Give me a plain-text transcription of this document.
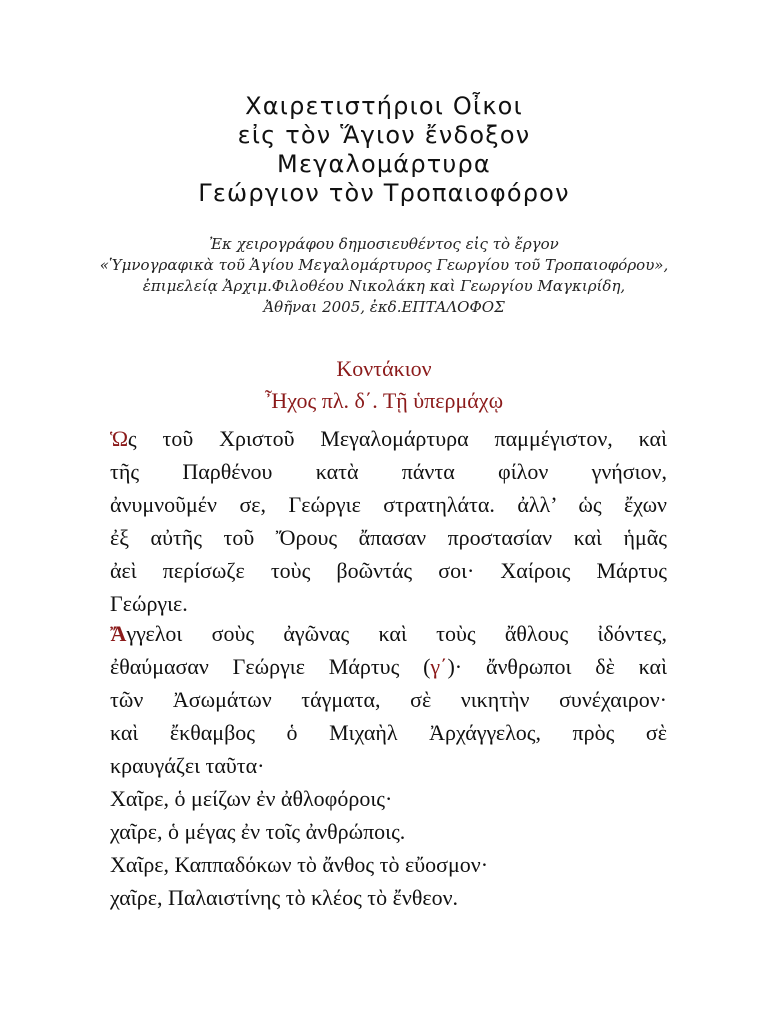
Χαιρετιστήριοι Οἶκοι
εἰς τὸν Ἅγιον ἔνδοξον
Μεγαλομάρτυρα
Γεώργιον τὸν Τροπαιοφόρον
Ἐκ χειρογράφου δημοσιευθέντος εἰς τὸ ἔργον
«Ὑμνογραφικὰ τοῦ Ἁγίου Μεγαλομάρτυρος Γεωργίου τοῦ Τροπαιοφόρου»,
ἐπιμελείᾳ Ἀρχιμ.Φιλοθέου Νικολάκη καὶ Γεωργίου Μαγκιρίδη,
Ἀθῆναι 2005, ἐκδ.ΕΠΤΑΛΟΦΟΣ
Κοντάκιον
Ἦχος πλ. δ΄. Τῇ ὑπερμάχῳ
Ὡς τοῦ Χριστοῦ Μεγαλομάρτυρα παμμέγιστον, καὶ
τῆς Παρθένου κατὰ πάντα φίλον γνήσιον,
ἀνυμνοῦμέν σε, Γεώργιε στρατηλάτα. ἀλλ’ ὡς ἔχων
ἐξ αὐτῆς τοῦ Ὄρους ἄπασαν προστασίαν καὶ ἡμᾶς
ἀεὶ περίσωζε τοὺς βοῶντάς σοι· Χαίροις Μάρτυς
Γεώργιε.
Ἄγγελοι σοὺς ἀγῶνας καὶ τοὺς ἄθλους ἰδόντες,
ἐθαύμασαν Γεώργιε Μάρτυς (γ΄)· ἄνθρωποι δὲ καὶ
τῶν Ἀσωμάτων τάγματα, σὲ νικητὴν συνέχαιρον·
καὶ ἔκθαμβος ὁ Μιχαὴλ Ἀρχάγγελος, πρὸς σὲ
κραυγάζει ταῦτα·
Χαῖρε, ὁ μείζων ἐν ἀθλοφόροις·
χαῖρε, ὁ μέγας ἐν τοῖς ἀνθρώποις.
Χαῖρε, Καππαδόκων τὸ ἄνθος τὸ εὔοσμον·
χαῖρε, Παλαιστίνης τὸ κλέος τὸ ἔνθεον.
